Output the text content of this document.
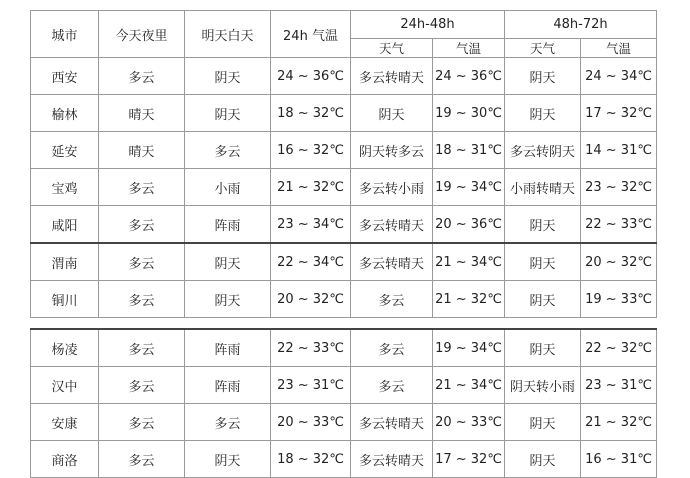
城市	今天夜里	明天白天	24h 气温	24h-48h		48h-72h	
				天气	气温	天气	气温
西安	多云	阴天	24 ~ 36℃	多云转晴天	24 ~ 36℃	阴天	24 ~ 34℃
榆林	晴天	阴天	18 ~ 32℃	阴天	19 ~ 30℃	阴天	17 ~ 32℃
延安	晴天	多云	16 ~ 32℃	阴天转多云	18 ~ 31℃	多云转阴天	14 ~ 31℃
宝鸡	多云	小雨	21 ~ 32℃	多云转小雨	19 ~ 34℃	小雨转晴天	23 ~ 32℃
咸阳	多云	阵雨	23 ~ 34℃	多云转晴天	20 ~ 36℃	阴天	22 ~ 33℃
渭南	多云	阴天	22 ~ 34℃	多云转晴天	21 ~ 34℃	阴天	20 ~ 32℃
铜川	多云	阴天	20 ~ 32℃	多云	21 ~ 32℃	阴天	19 ~ 33℃

杨凌	多云	阵雨	22 ~ 33℃	多云	19 ~ 34℃	阴天	22 ~ 32℃
汉中	多云	阵雨	23 ~ 31℃	多云	21 ~ 34℃	阴天转小雨	23 ~ 31℃
安康	多云	多云	20 ~ 33℃	多云转晴天	20 ~ 33℃	阴天	21 ~ 32℃
商洛	多云	阴天	18 ~ 32℃	多云转晴天	17 ~ 32℃	阴天	16 ~ 31℃
